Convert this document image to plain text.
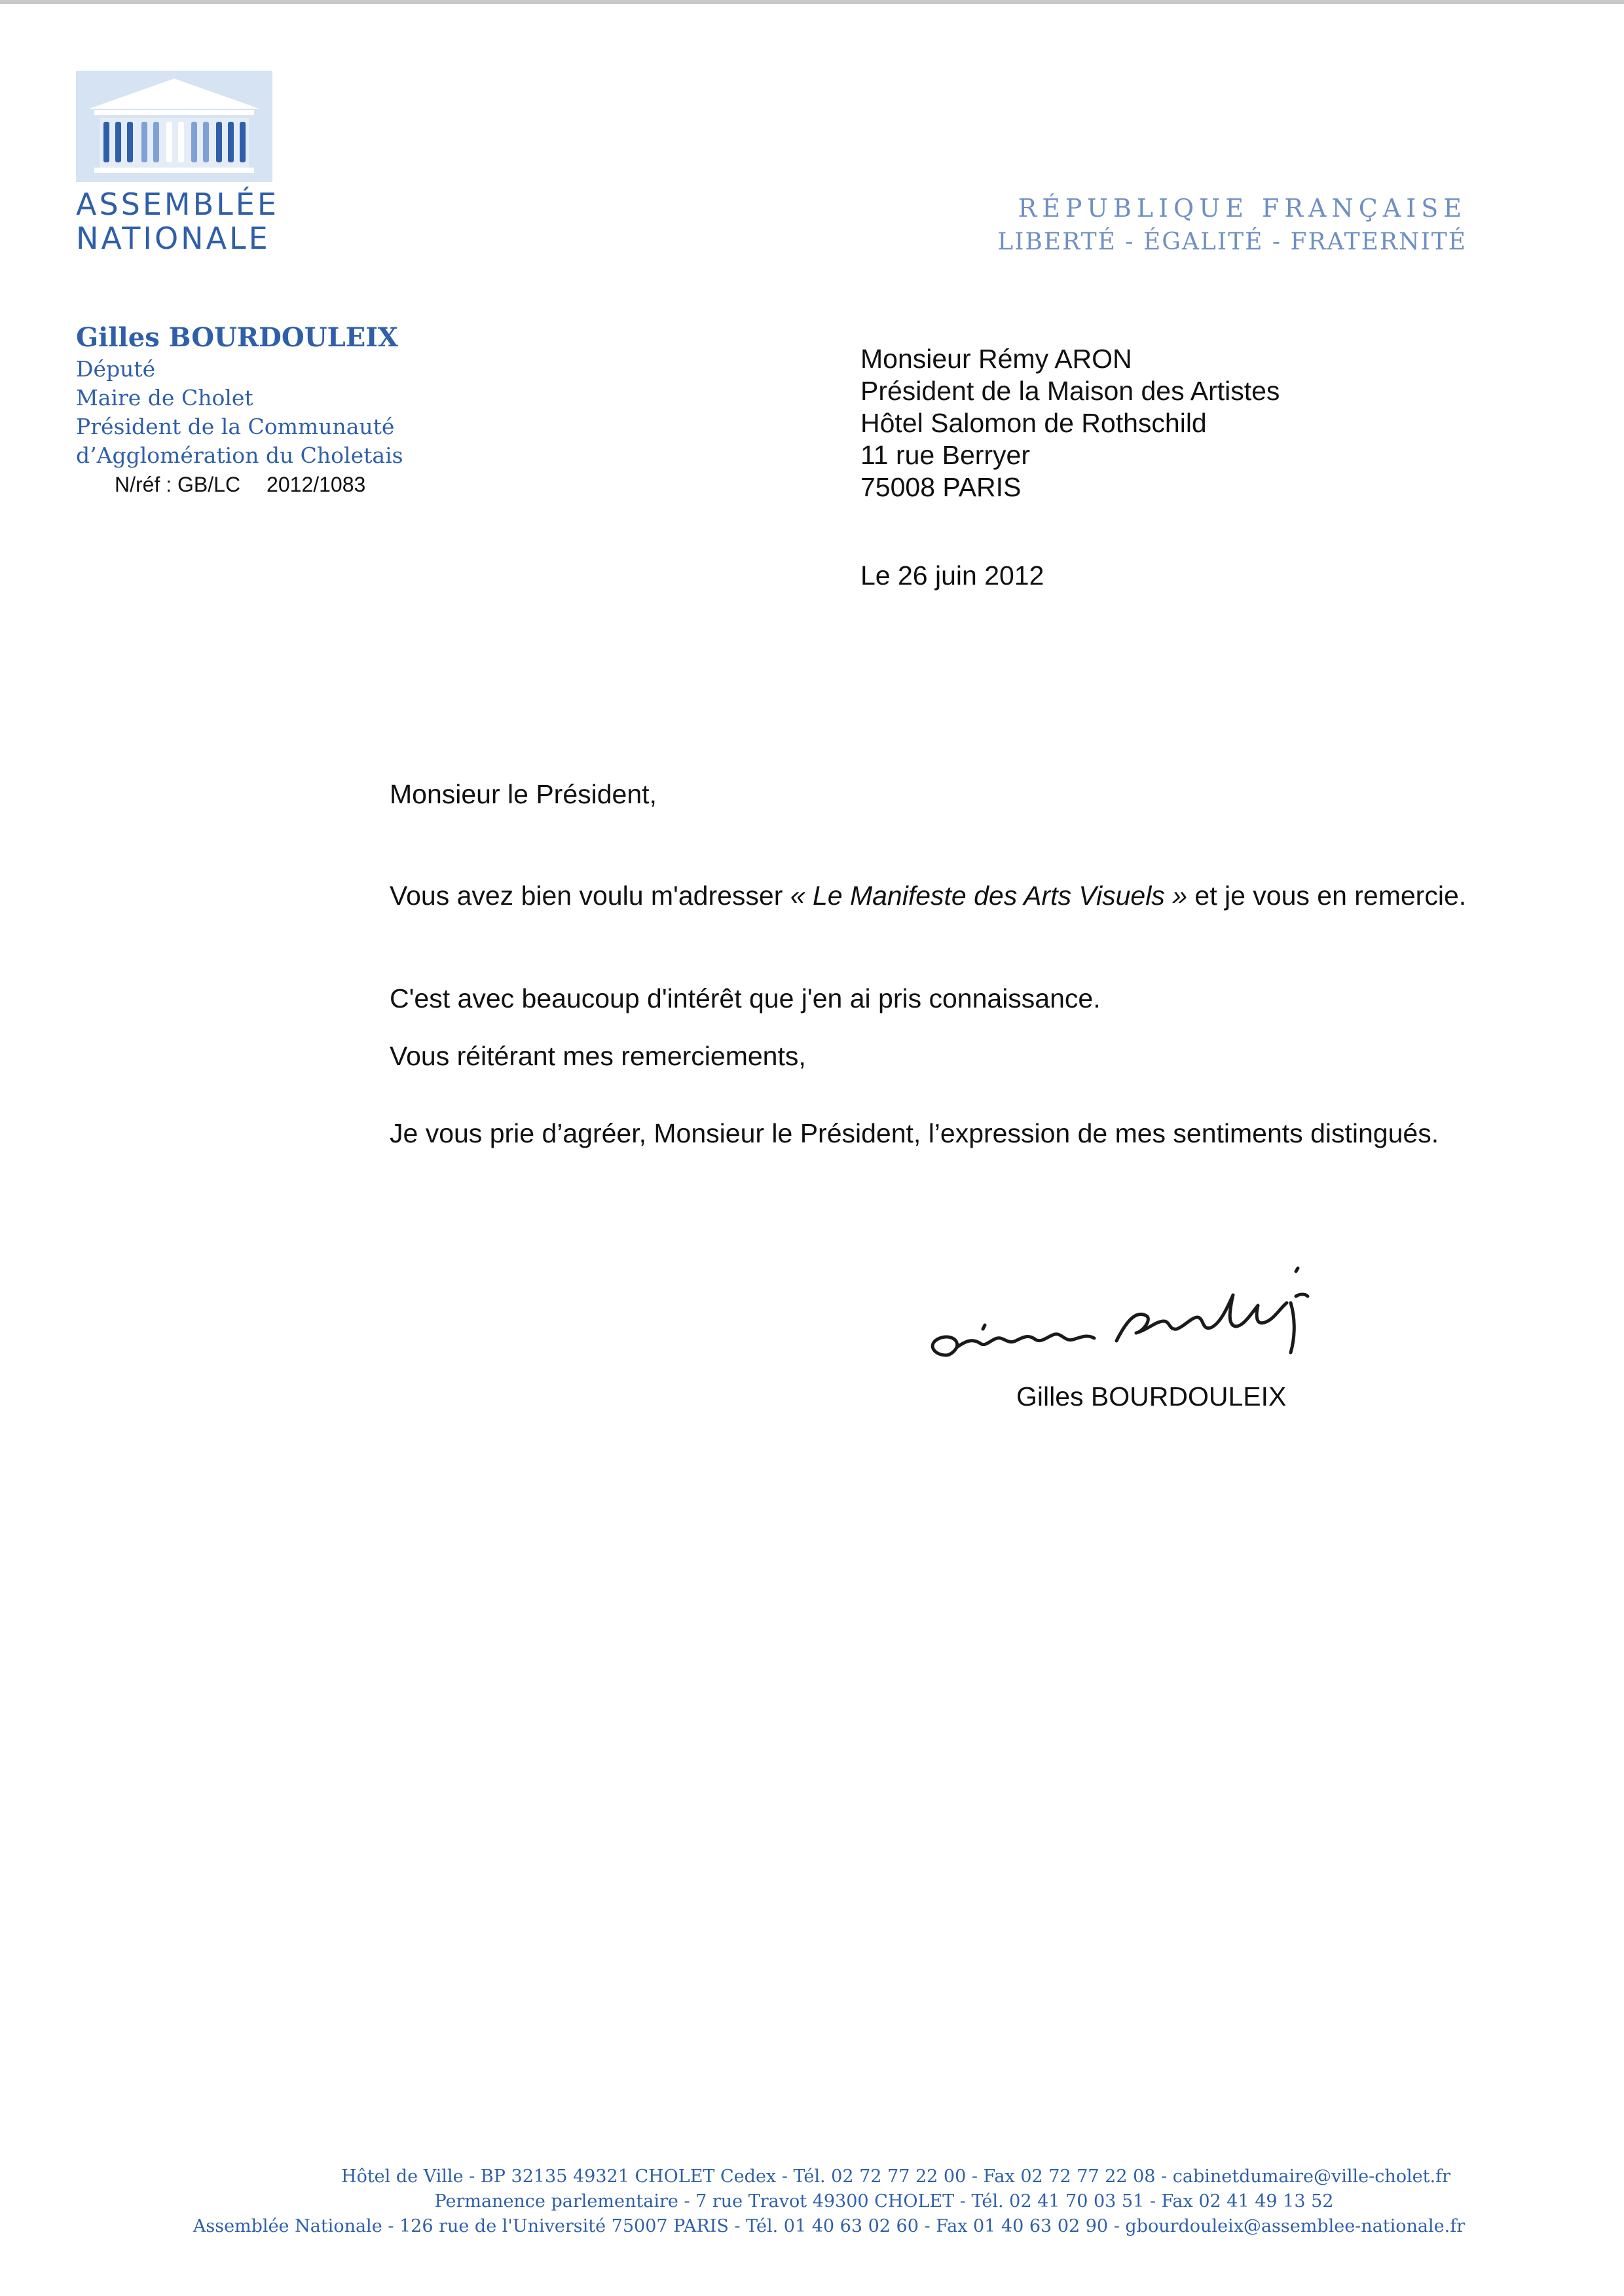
ASSEMBLÉE
NATIONALE
RÉPUBLIQUE FRANÇAISE
LIBERTÉ - ÉGALITÉ - FRATERNITÉ
Gilles BOURDOULEIX
Député
Maire de Cholet
Président de la Communauté
d’Agglomération du Choletais
N/réf : GB/LC 2012/1083
Monsieur Rémy ARON
Président de la Maison des Artistes
Hôtel Salomon de Rothschild
11 rue Berryer
75008 PARIS
Le 26 juin 2012
Monsieur le Président,
Vous avez bien voulu m'adresser « Le Manifeste des Arts Visuels » et je vous en remercie.
C'est avec beaucoup d'intérêt que j'en ai pris connaissance.
Vous réitérant mes remerciements,
Je vous prie d’agréer, Monsieur le Président, l’expression de mes sentiments distingués.
Gilles BOURDOULEIX
Hôtel de Ville - BP 32135 49321 CHOLET Cedex - Tél. 02 72 77 22 00 - Fax 02 72 77 22 08 - cabinetdumaire@ville-cholet.fr
Permanence parlementaire - 7 rue Travot 49300 CHOLET - Tél. 02 41 70 03 51 - Fax 02 41 49 13 52
Assemblée Nationale - 126 rue de l'Université 75007 PARIS - Tél. 01 40 63 02 60 - Fax 01 40 63 02 90 - gbourdouleix@assemblee-nationale.fr
